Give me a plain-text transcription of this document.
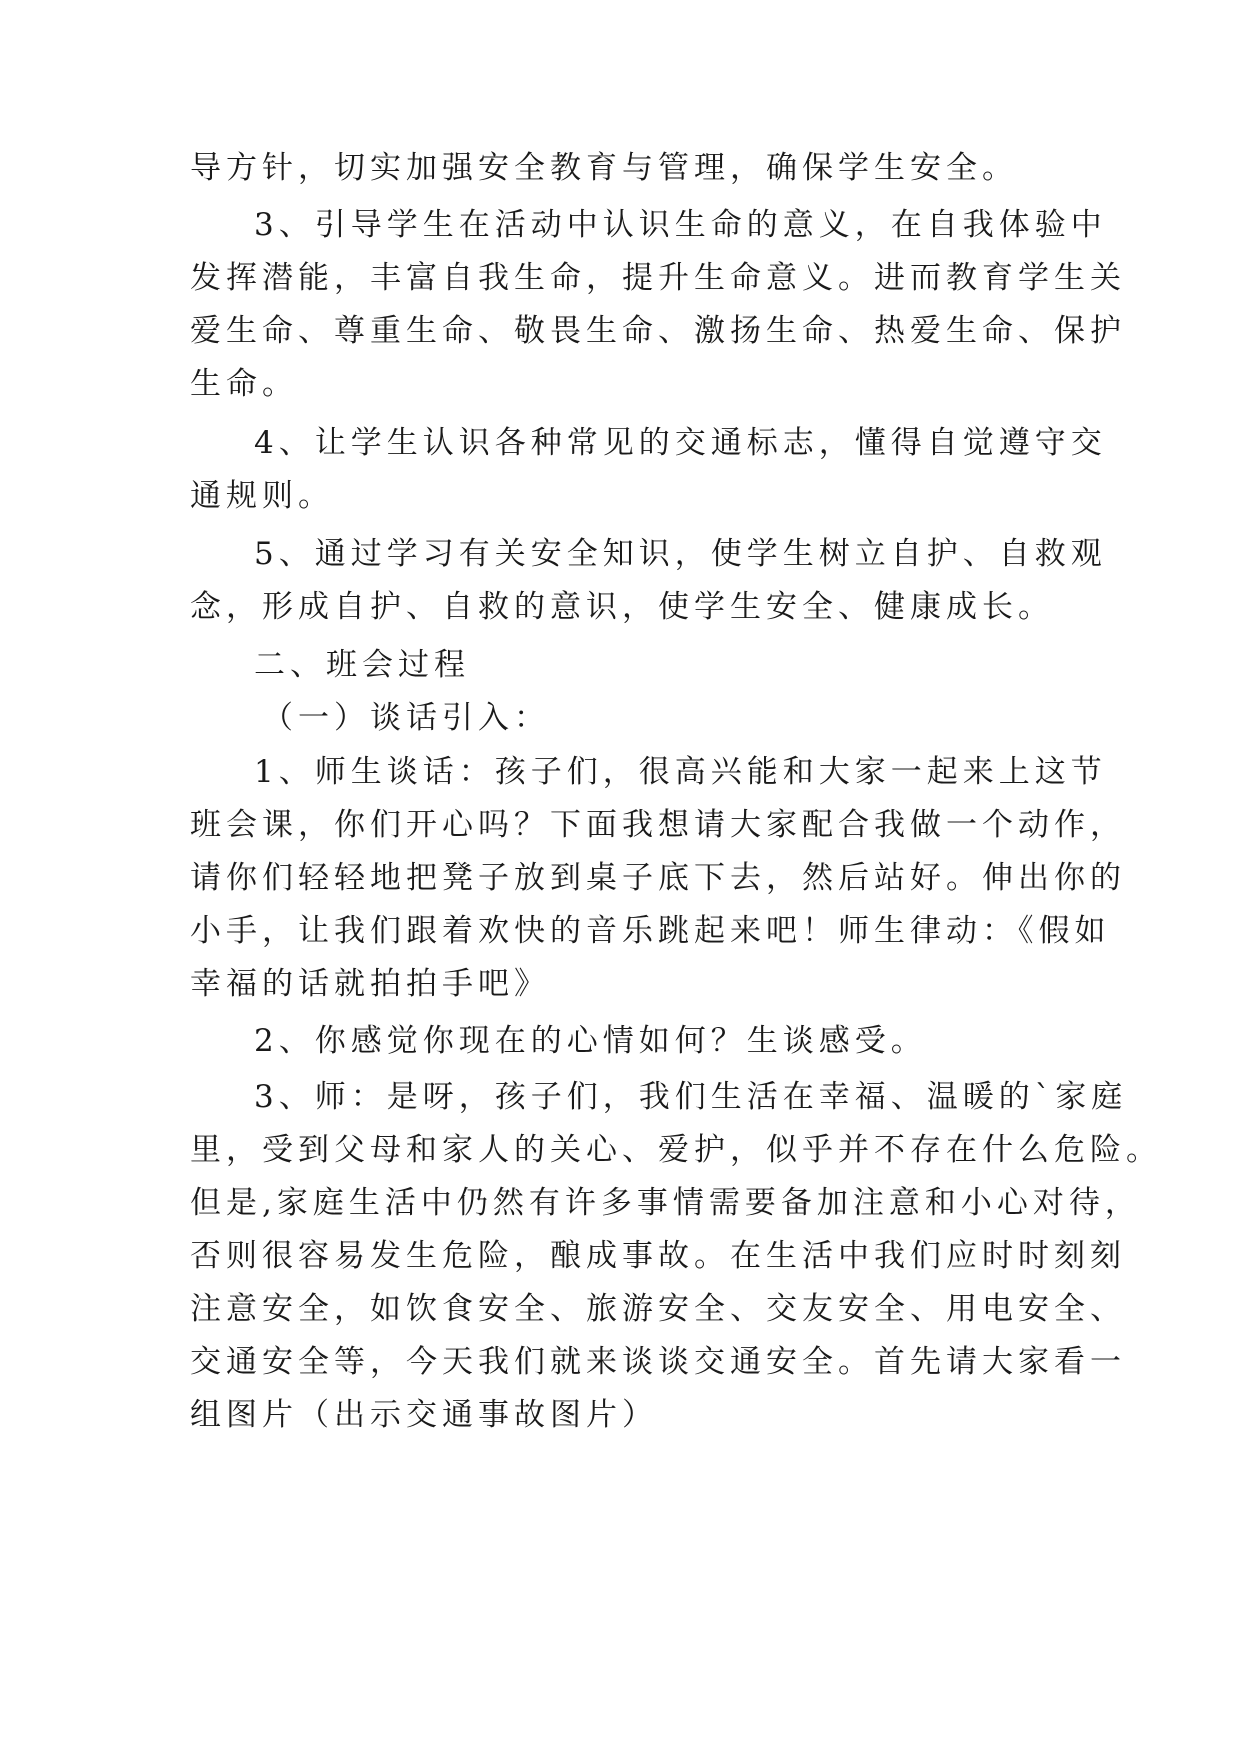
导方针，切实加强安全教育与管理，确保学生安全。
3、引导学生在活动中认识生命的意义，在自我体验中
发挥潜能，丰富自我生命，提升生命意义。进而教育学生关
爱生命、尊重生命、敬畏生命、激扬生命、热爱生命、保护
生命。
4、让学生认识各种常见的交通标志，懂得自觉遵守交
通规则。
5、通过学习有关安全知识，使学生树立自护、自救观
念，形成自护、自救的意识，使学生安全、健康成长。
二、班会过程
（一）谈话引入：
1、师生谈话：孩子们，很高兴能和大家一起来上这节
班会课，你们开心吗？下面我想请大家配合我做一个动作，
请你们轻轻地把凳子放到桌子底下去，然后站好。伸出你的
小手，让我们跟着欢快的音乐跳起来吧！师生律动：《假如
幸福的话就拍拍手吧》
2、你感觉你现在的心情如何？生谈感受。
3、师：是呀，孩子们，我们生活在幸福、温暖的`家庭
里，受到父母和家人的关心、爱护，似乎并不存在什么危险。
但是,家庭生活中仍然有许多事情需要备加注意和小心对待，
否则很容易发生危险，酿成事故。在生活中我们应时时刻刻
注意安全，如饮食安全、旅游安全、交友安全、用电安全、
交通安全等，今天我们就来谈谈交通安全。首先请大家看一
组图片（出示交通事故图片）
